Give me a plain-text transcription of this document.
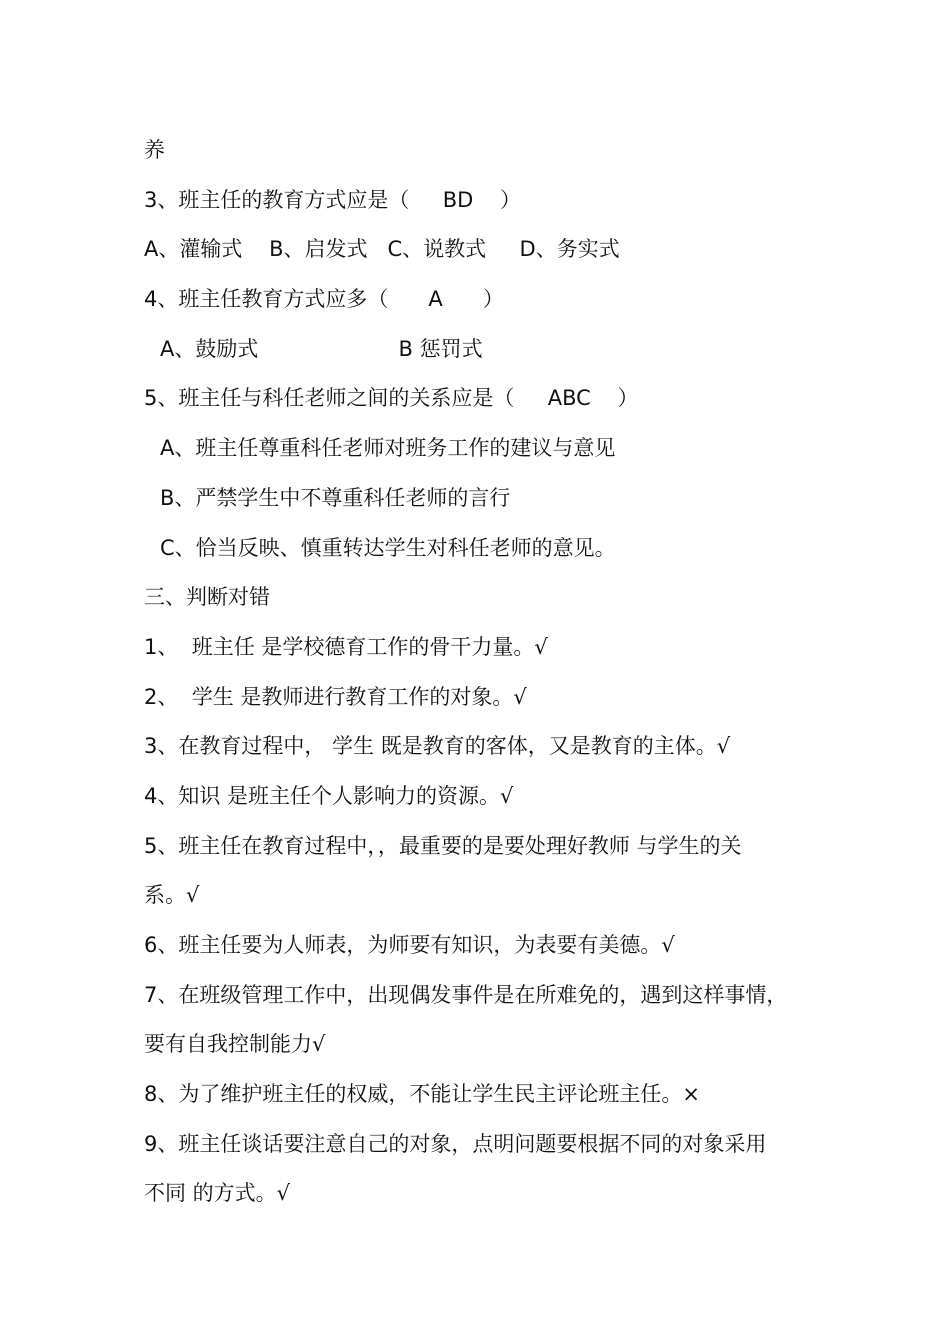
养
3、班主任的教育方式应是（     BD    ）
A、灌输式    B、启发式   C、说教式     D、务实式
4、班主任教育方式应多（      A      ）
A、鼓励式                     B 惩罚式
5、班主任与科任老师之间的关系应是（     ABC    ）
A、班主任尊重科任老师对班务工作的建议与意见
B、严禁学生中不尊重科任老师的言行
C、恰当反映、慎重转达学生对科任老师的意见。
三、判断对错
1、  班主任 是学校德育工作的骨干力量。√
2、  学生 是教师进行教育工作的对象。√
3、在教育过程中， 学生 既是教育的客体，又是教育的主体。√
4、知识 是班主任个人影响力的资源。√
5、班主任在教育过程中，，最重要的是要处理好教师 与学生的关
系。√
6、班主任要为人师表，为师要有知识，为表要有美德。√
7、在班级管理工作中，出现偶发事件是在所难免的，遇到这样事情，
要有自我控制能力√
8、为了维护班主任的权威，不能让学生民主评论班主任。×
9、班主任谈话要注意自己的对象，点明问题要根据不同的对象采用
不同 的方式。√
